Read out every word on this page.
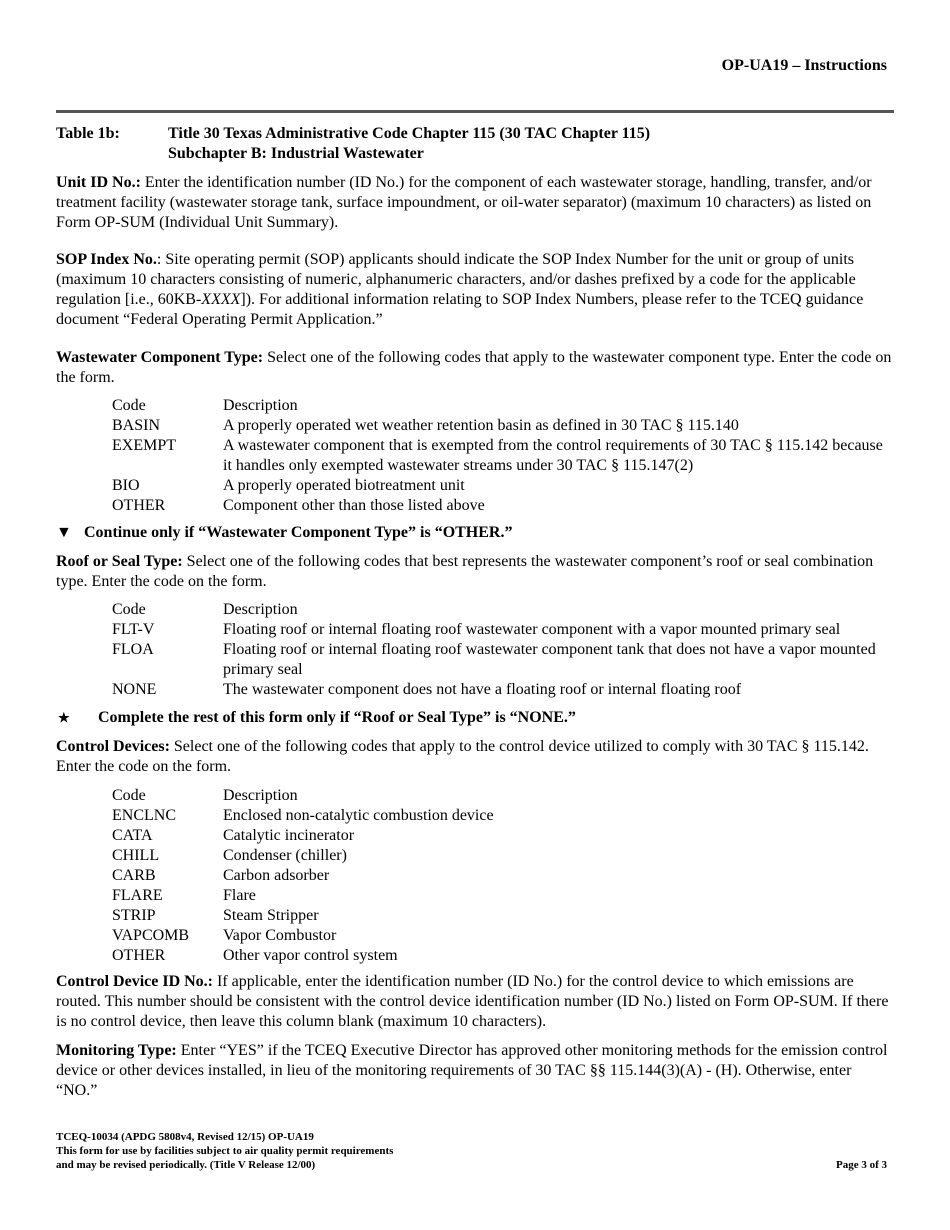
OP-UA19 – Instructions
Table 1b:	Title 30 Texas Administrative Code Chapter 115 (30 TAC Chapter 115)
Subchapter B: Industrial Wastewater
Unit ID No.: Enter the identification number (ID No.) for the component of each wastewater storage, handling, transfer, and/or treatment facility (wastewater storage tank, surface impoundment, or oil-water separator) (maximum 10 characters) as listed on Form OP-SUM (Individual Unit Summary).
SOP Index No.: Site operating permit (SOP) applicants should indicate the SOP Index Number for the unit or group of units (maximum 10 characters consisting of numeric, alphanumeric characters, and/or dashes prefixed by a code for the applicable regulation [i.e., 60KB-XXXX]). For additional information relating to SOP Index Numbers, please refer to the TCEQ guidance document “Federal Operating Permit Application.”
Wastewater Component Type: Select one of the following codes that apply to the wastewater component type. Enter the code on the form.
Code	Description
BASIN	A properly operated wet weather retention basin as defined in 30 TAC § 115.140
EXEMPT	A wastewater component that is exempted from the control requirements of 30 TAC § 115.142 because it handles only exempted wastewater streams under 30 TAC § 115.147(2)
BIO	A properly operated biotreatment unit
OTHER	Component other than those listed above
▼ Continue only if “Wastewater Component Type” is “OTHER.”
Roof or Seal Type: Select one of the following codes that best represents the wastewater component’s roof or seal combination type. Enter the code on the form.
Code	Description
FLT-V	Floating roof or internal floating roof wastewater component with a vapor mounted primary seal
FLOA	Floating roof or internal floating roof wastewater component tank that does not have a vapor mounted primary seal
NONE	The wastewater component does not have a floating roof or internal floating roof
★ Complete the rest of this form only if “Roof or Seal Type” is “NONE.”
Control Devices: Select one of the following codes that apply to the control device utilized to comply with 30 TAC § 115.142. Enter the code on the form.
Code	Description
ENCLNC	Enclosed non-catalytic combustion device
CATA	Catalytic incinerator
CHILL	Condenser (chiller)
CARB	Carbon adsorber
FLARE	Flare
STRIP	Steam Stripper
VAPCOMB	Vapor Combustor
OTHER	Other vapor control system
Control Device ID No.: If applicable, enter the identification number (ID No.) for the control device to which emissions are routed. This number should be consistent with the control device identification number (ID No.) listed on Form OP-SUM. If there is no control device, then leave this column blank (maximum 10 characters).
Monitoring Type: Enter “YES” if the TCEQ Executive Director has approved other monitoring methods for the emission control device or other devices installed, in lieu of the monitoring requirements of 30 TAC §§ 115.144(3)(A) - (H). Otherwise, enter “NO.”
TCEQ-10034 (APDG 5808v4, Revised 12/15) OP-UA19
This form for use by facilities subject to air quality permit requirements
and may be revised periodically. (Title V Release 12/00)	Page 3 of 3
